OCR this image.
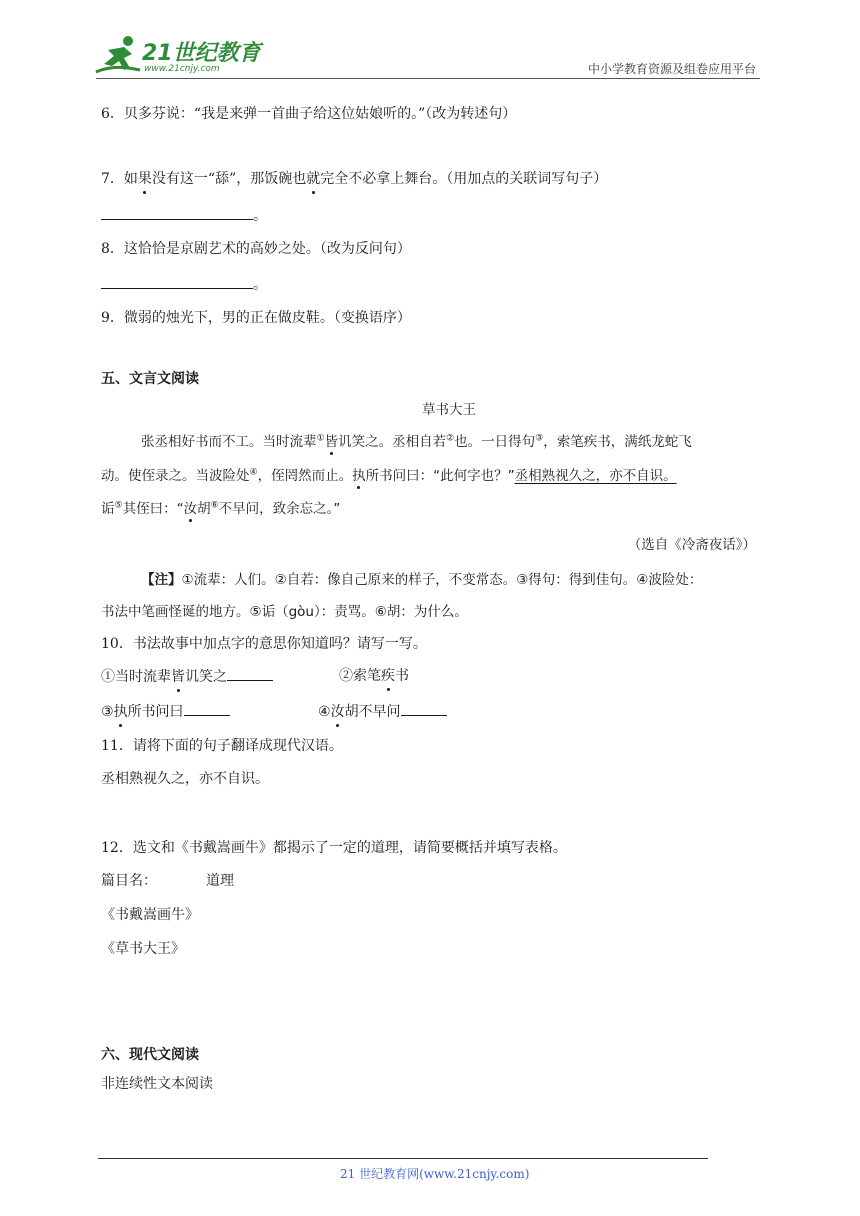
21世纪教育
www.21cnjy.com	中小学教育资源及组卷应用平台
6．贝多芬说：“我是来弹一首曲子给这位姑娘听的。”（改为转述句）
7．如果没有这一“舔”，那饭碗也就完全不必拿上舞台。（用加点的关联词写句子）
。
8．这恰恰是京剧艺术的高妙之处。（改为反问句）
。
9．微弱的烛光下，男的正在做皮鞋。（变换语序）
五、文言文阅读
草书大王
张丞相好书而不工。当时流辈①皆讥笑之。丞相自若②也。一日得句③，索笔疾书，满纸龙蛇飞
动。使侄录之。当波险处④，侄罔然而止。执所书问曰：“此何字也？”丞相熟视久之，亦不自识。
诟⑤其侄曰：“汝胡⑥不早问，致余忘之。”
（选自《冷斋夜话》）
【注】①流辈：人们。②自若：像自己原来的样子，不变常态。③得句：得到佳句。④波险处：
书法中笔画怪诞的地方。⑤诟（gòu）：责骂。⑥胡：为什么。
10．书法故事中加点字的意思你知道吗？请写一写。
①当时流辈皆讥笑之	②索笔疾书
③执所书问曰	④汝胡不早问
11．请将下面的句子翻译成现代汉语。
丞相熟视久之，亦不自识。
12．选文和《书戴嵩画牛》都揭示了一定的道理，请简要概括并填写表格。
篇目名：	道理
《书戴嵩画牛》
《草书大王》
六、现代文阅读
非连续性文本阅读
21 世纪教育网(www.21cnjy.com)
